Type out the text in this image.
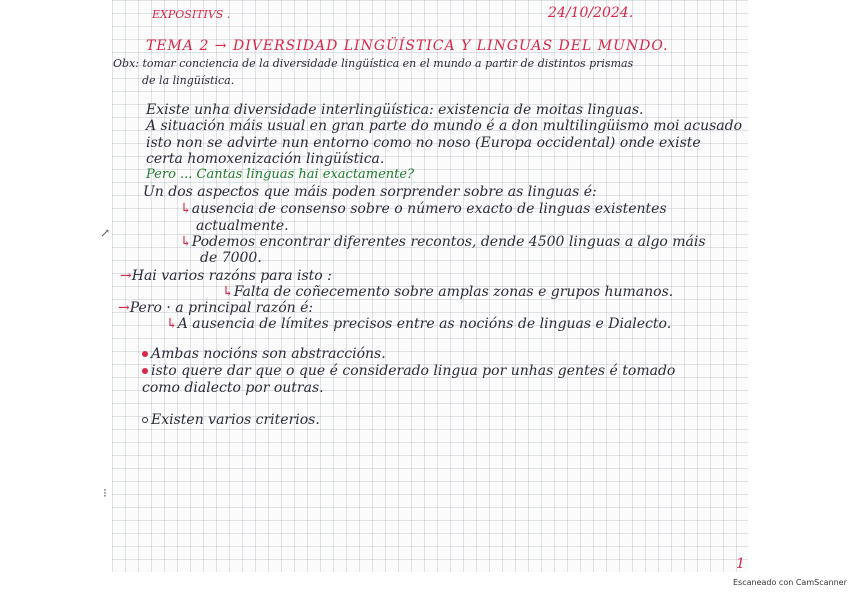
EXPOSITIVS .	24/10/2024.
TEMA 2 → DIVERSIDAD LINGÜÍSTICA Y LINGUAS DEL MUNDO.
Obx: tomar conciencia de la diversidade lingüística en el mundo a partir de distintos prismas
de la lingüística.
Existe unha diversidade interlingüística: existencia de moitas linguas.
A situación máis usual en gran parte do mundo é a don multilingüismo moi acusado
isto non se advirte nun entorno como no noso (Europa occidental) onde existe
certa homoxenización lingüística.
Pero ... Cantas linguas hai exactamente?
Un dos aspectos que máis poden sorprender sobre as linguas é:
↳ausencia de consenso sobre o número exacto de linguas existentes
actualmente.
↳Podemos encontrar diferentes recontos, dende 4500 linguas a algo máis
de 7000.
→Hai varios razóns para isto :
↳Falta de coñecemento sobre amplas zonas e grupos humanos.
→Pero · a principal razón é:
↳A ausencia de límites precisos entre as nocións de linguas e Dialecto.
Ambas nocións son abstraccións.
isto quere dar que o que é considerado lingua por unhas gentes é tomado
como dialecto por outras.
Existen varios criterios.
↗
⁝
1
Escaneado con CamScanner
